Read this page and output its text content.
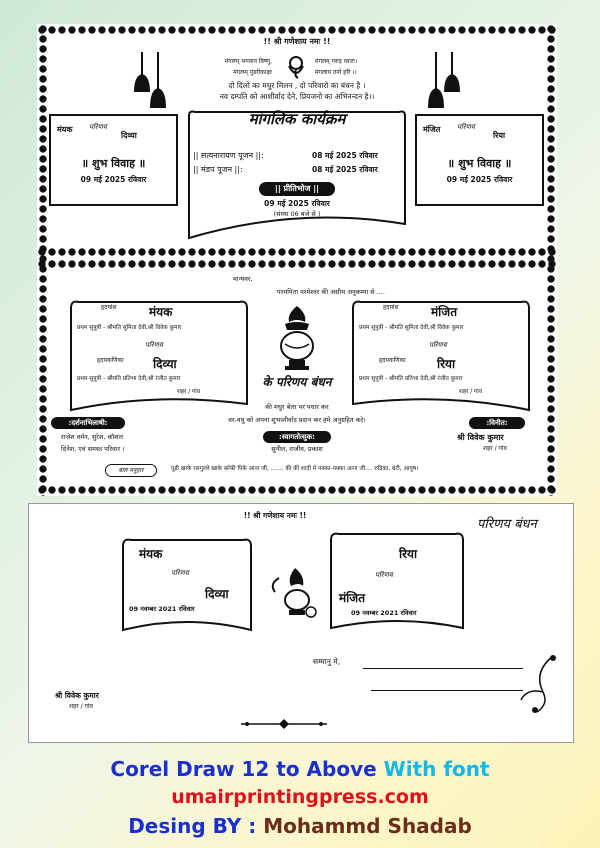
!! श्री गणेशाय नमः !!
मंगलम् भगवान विष्णु,
मंगलम् पुंडरीकाक्षः
मंगलम् गरुड़ ध्वजः।
मंगलाय तनो हरि ।।
दो दिलो का मधुर मिलन , दो परिवारो का बंधन है ।
नव दम्पति को आशीर्वाद देने, प्रियजनो का अभिनन्दन है।।
मंयक परिणय
दिव्या
॥ शुभ विवाह ॥
09 मई 2025 रविवार
मंजित परिणय
रिया
॥ शुभ विवाह ॥
09 मई 2025 रविवार
मांगलिक कार्यक्रम
|| सत्यनारायण पूजन ||:	08 मई 2025 रविवार
|| मंडप पूजन ||:	08 मई 2025 रविवार
|| प्रीतिभोज ||
09 मई 2025 रविवार
(संध्या 06 बजे से )
मान्यवर,
परमपिता परमेश्वर की असीम अनुकम्पा से ....
हृदयांश	मंयक
प्रथम सुपुत्री - श्रीमति सुमिता देवी,श्री विवेक कुमार
परिणय
हृदयकणिका दिव्या
प्रथम सुपुत्री - श्रीमति प्रतिभा देवी,श्री रंजीत कुमार
शहर / गांव
हृदयांश	मंजित
प्रथम सुपुत्री - श्रीमति सुमिता देवी,श्री विवेक कुमार
परिणय
हृदयकणिका	रिया
प्रथम सुपुत्री - श्रीमति प्रतिभा देवी,श्री रंजीत कुमार
शहर / गांव
के परिणय बंधन
की मधुर बेला पर पधार कर
वर-वधु को अपना शुभाशीर्वाद प्रदान कर हमे अनुग्रहित करे।
:दर्शनाभिलाषी:
राजेश वर्मन, सुरेश, कौशल
दिनेश, एवं समस्त परिवार ।
:स्वागतोत्सुक:
सुनील, राजीव, प्रकाश
:विनीत:
श्री विवेक कुमार
शहर / गांव
बाल मनुहार	पूड़ी खाके रसगुल्ले खाके कॉफी पिके आना जी, ....... की की शादी मे पक्का-पक्का आना जी.... रुद्रिका, बंटी, आयुष।
!! श्री गणेशाय नमः !!
परिणय बंधन
मंयक
परिणय
दिव्या
09 नवम्बर 2021 रविवार
रिया
परिणय
मंजित
09 नवम्बर 2021 रविवार
सम्मानु मे,
श्री विवेक कुमार
शहर / गांव
Corel Draw 12 to Above With font
umairprintingpress.com
Desing BY : Mohammd Shadab
